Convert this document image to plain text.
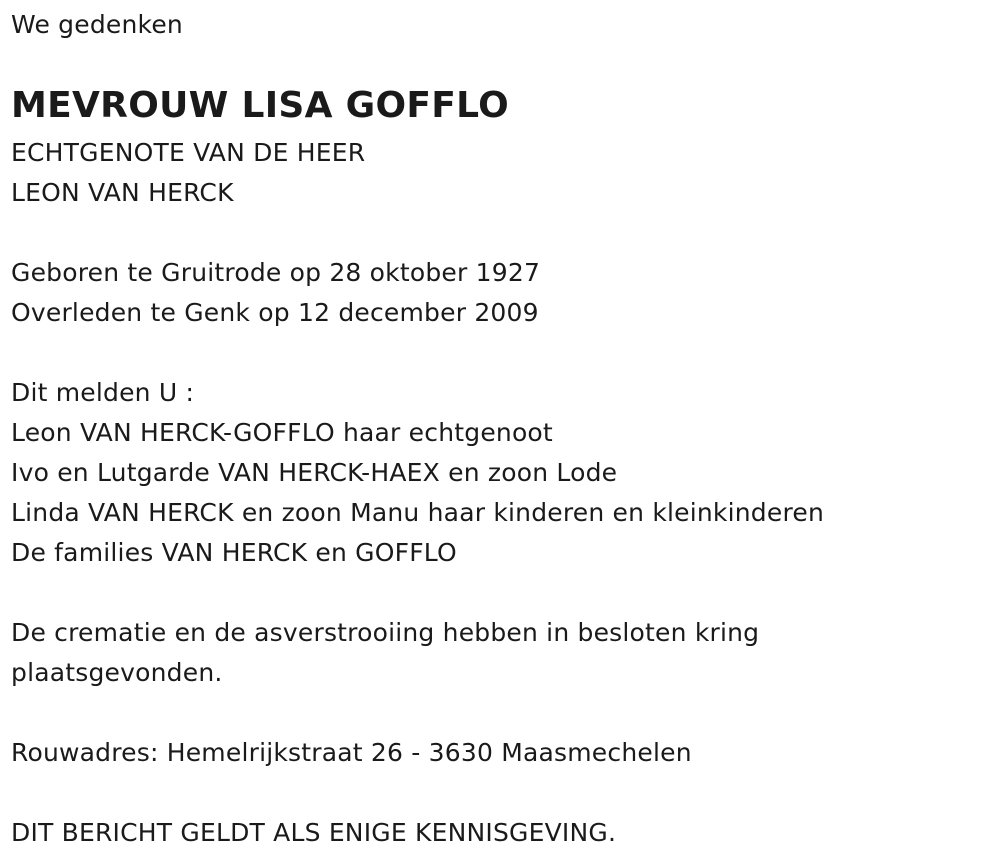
We gedenken

MEVROUW LISA GOFFLO

ECHTGENOTE VAN DE HEER

LEON VAN HERCK

Geboren te Gruitrode op 28 oktober 1927

Overleden te Genk op 12 december 2009

Dit melden U :

Leon VAN HERCK-GOFFLO haar echtgenoot

Ivo en Lutgarde VAN HERCK-HAEX en zoon Lode

Linda VAN HERCK en zoon Manu haar kinderen en kleinkinderen

De families VAN HERCK en GOFFLO

De crematie en de asverstrooiing hebben in besloten kring

plaatsgevonden.

Rouwadres: Hemelrijkstraat 26 - 3630 Maasmechelen

DIT BERICHT GELDT ALS ENIGE KENNISGEVING.
